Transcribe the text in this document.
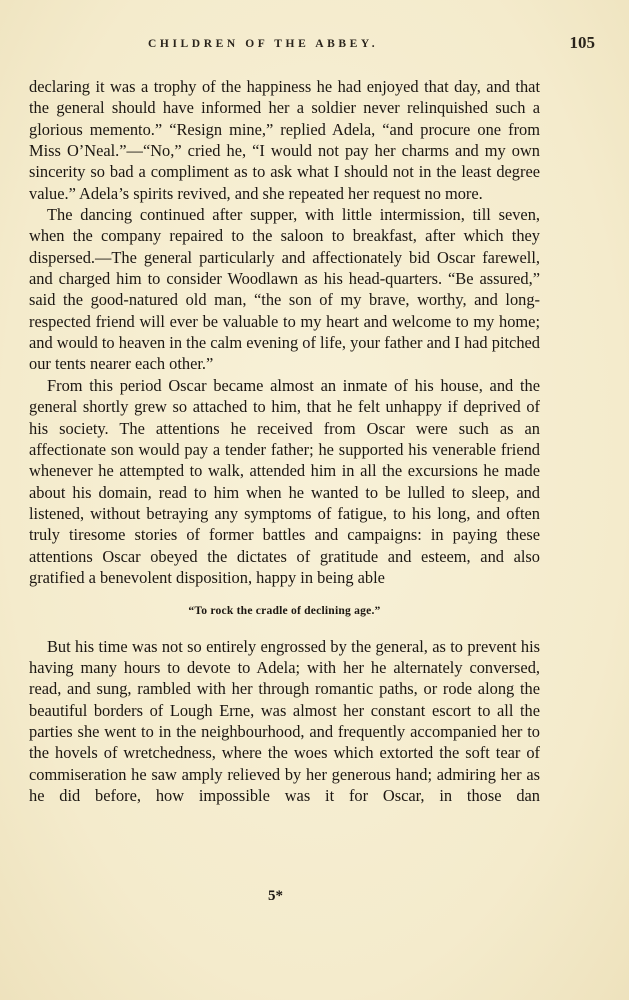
CHILDREN OF THE ABBEY.	105

declaring it was a trophy of the happiness he had enjoyed that day, and that the general should have informed her a soldier never relinquished such a glorious memento.” “Resign mine,” replied Adela, “and procure one from Miss O’Neal.”—“No,” cried he, “I would not pay her charms and my own sincerity so bad a compliment as to ask what I should not in the least degree value.” Adela’s spirits revived, and she repeated her request no more.

The dancing continued after supper, with little intermission, till seven, when the company repaired to the saloon to breakfast, after which they dispersed.—The general particularly and affectionately bid Oscar farewell, and charged him to consider Woodlawn as his head-quarters. “Be assured,” said the good-natured old man, “the son of my brave, worthy, and long-respected friend will ever be valuable to my heart and welcome to my home; and would to heaven in the calm evening of life, your father and I had pitched our tents nearer each other.”

From this period Oscar became almost an inmate of his house, and the general shortly grew so attached to him, that he felt unhappy if deprived of his society. The attentions he received from Oscar were such as an affectionate son would pay a tender father; he supported his venerable friend whenever he attempted to walk, attended him in all the excursions he made about his domain, read to him when he wanted to be lulled to sleep, and listened, without betraying any symptoms of fatigue, to his long, and often truly tiresome stories of former battles and campaigns: in paying these attentions Oscar obeyed the dictates of gratitude and esteem, and also gratified a benevolent disposition, happy in being able

“To rock the cradle of declining age.”

But his time was not so entirely engrossed by the general, as to prevent his having many hours to devote to Adela; with her he alternately conversed, read, and sung, rambled with her through romantic paths, or rode along the beautiful borders of Lough Erne, was almost her constant escort to all the parties she went to in the neighbourhood, and frequently accompanied her to the hovels of wretchedness, where the woes which extorted the soft tear of commiseration he saw amply relieved by her generous hand; admiring her as he did before, how impossible was it for Oscar, in those dan

5*
